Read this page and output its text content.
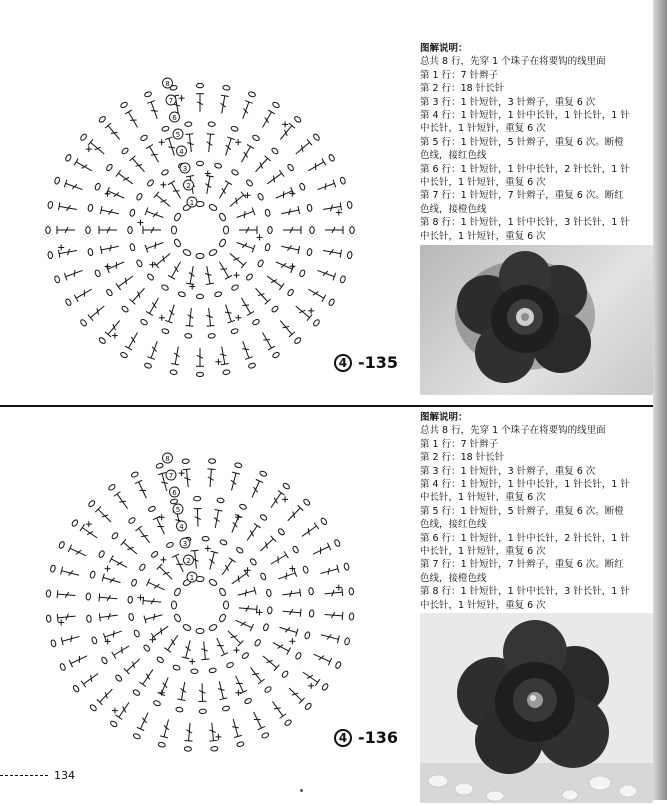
1
2
3
4
5
6
7
8
4 -135
图解说明：
总共 8 行，先穿 1 个珠子在将要钩的线里面
第 1 行：7 针辫子
第 2 行：18 针长针
第 3 行：1 针短针，3 针辫子，重复 6 次
第 4 行：1 针短针，1 针中长针，1 针长针，1 针
中长针，1 针短针，重复 6 次
第 5 行：1 针短针，5 针辫子，重复 6 次。断橙
色线，接红色线
第 6 行：1 针短针，1 针中长针，2 针长针，1 针
中长针，1 针短针，重复 6 次
第 7 行：1 针短针，7 针辫子，重复 6 次。断红
色线，接橙色线
第 8 行：1 针短针，1 针中长针，3 针长针，1 针
中长针，1 针短针，重复 6 次
1
2
3
4
5
6
7
8
4 -136
图解说明：
总共 8 行，先穿 1 个珠子在将要钩的线里面
第 1 行：7 针辫子
第 2 行：18 针长针
第 3 行：1 针短针，3 针辫子，重复 6 次
第 4 行：1 针短针，1 针中长针，1 针长针，1 针
中长针，1 针短针，重复 6 次
第 5 行：1 针短针，5 针辫子，重复 6 次。断橙
色线，接红色线
第 6 行：1 针短针，1 针中长针，2 针长针，1 针
中长针，1 针短针，重复 6 次
第 7 行：1 针短针，7 针辫子，重复 6 次。断红
色线，接橙色线
第 8 行：1 针短针，1 针中长针，3 针长针，1 针
中长针，1 针短针，重复 6 次
134
